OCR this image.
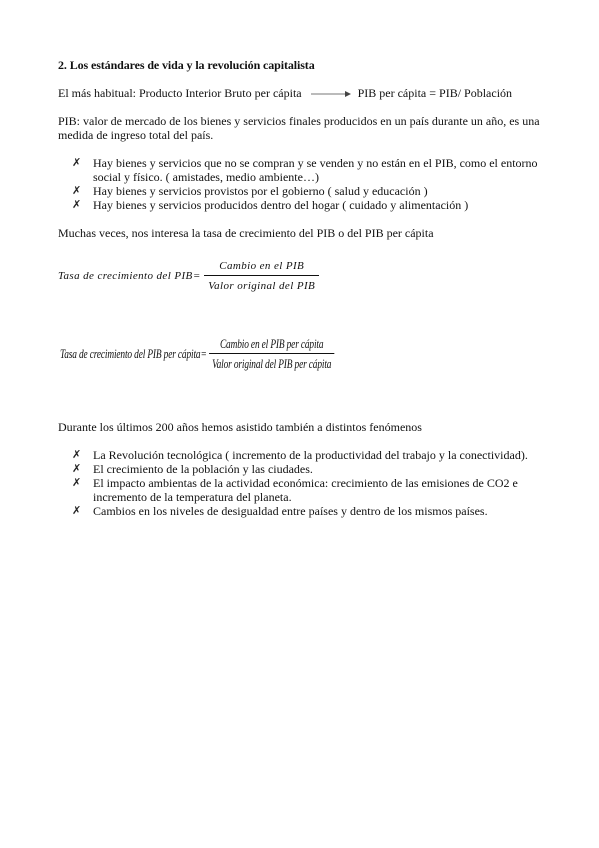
2. Los estándares de vida y la revolución capitalista
El más habitual: Producto Interior Bruto per cápita	PIB per cápita = PIB/ Población
PIB: valor de mercado de los bienes y servicios finales producidos en un país durante un año, es una medida de ingreso total del país.
✗ Hay bienes y servicios que no se compran y se venden y no están en el PIB, como el entorno social y físico. ( amistades, medio ambiente…)
✗ Hay bienes y servicios provistos por el gobierno ( salud y educación )
✗ Hay bienes y servicios producidos dentro del hogar ( cuidado y alimentación )
Muchas veces, nos interesa la tasa de crecimiento del PIB o del PIB per cápita
Tasa de crecimiento del PIB = $\frac{\text{Cambio en el PIB}}{\text{Valor original del PIB}}$
Tasa de crecimiento del PIB per cápita = $\frac{\text{Cambio en el PIB per cápita}}{\text{Valor original del PIB per cápita}}$
Durante los últimos 200 años hemos asistido también a distintos fenómenos
✗ La Revolución tecnológica ( incremento de la productividad del trabajo y la conectividad).
✗ El crecimiento de la población y las ciudades.
✗ El impacto ambientas de la actividad económica: crecimiento de las emisiones de CO2 e incremento de la temperatura del planeta.
✗ Cambios en los niveles de desigualdad entre países y dentro de los mismos países.
